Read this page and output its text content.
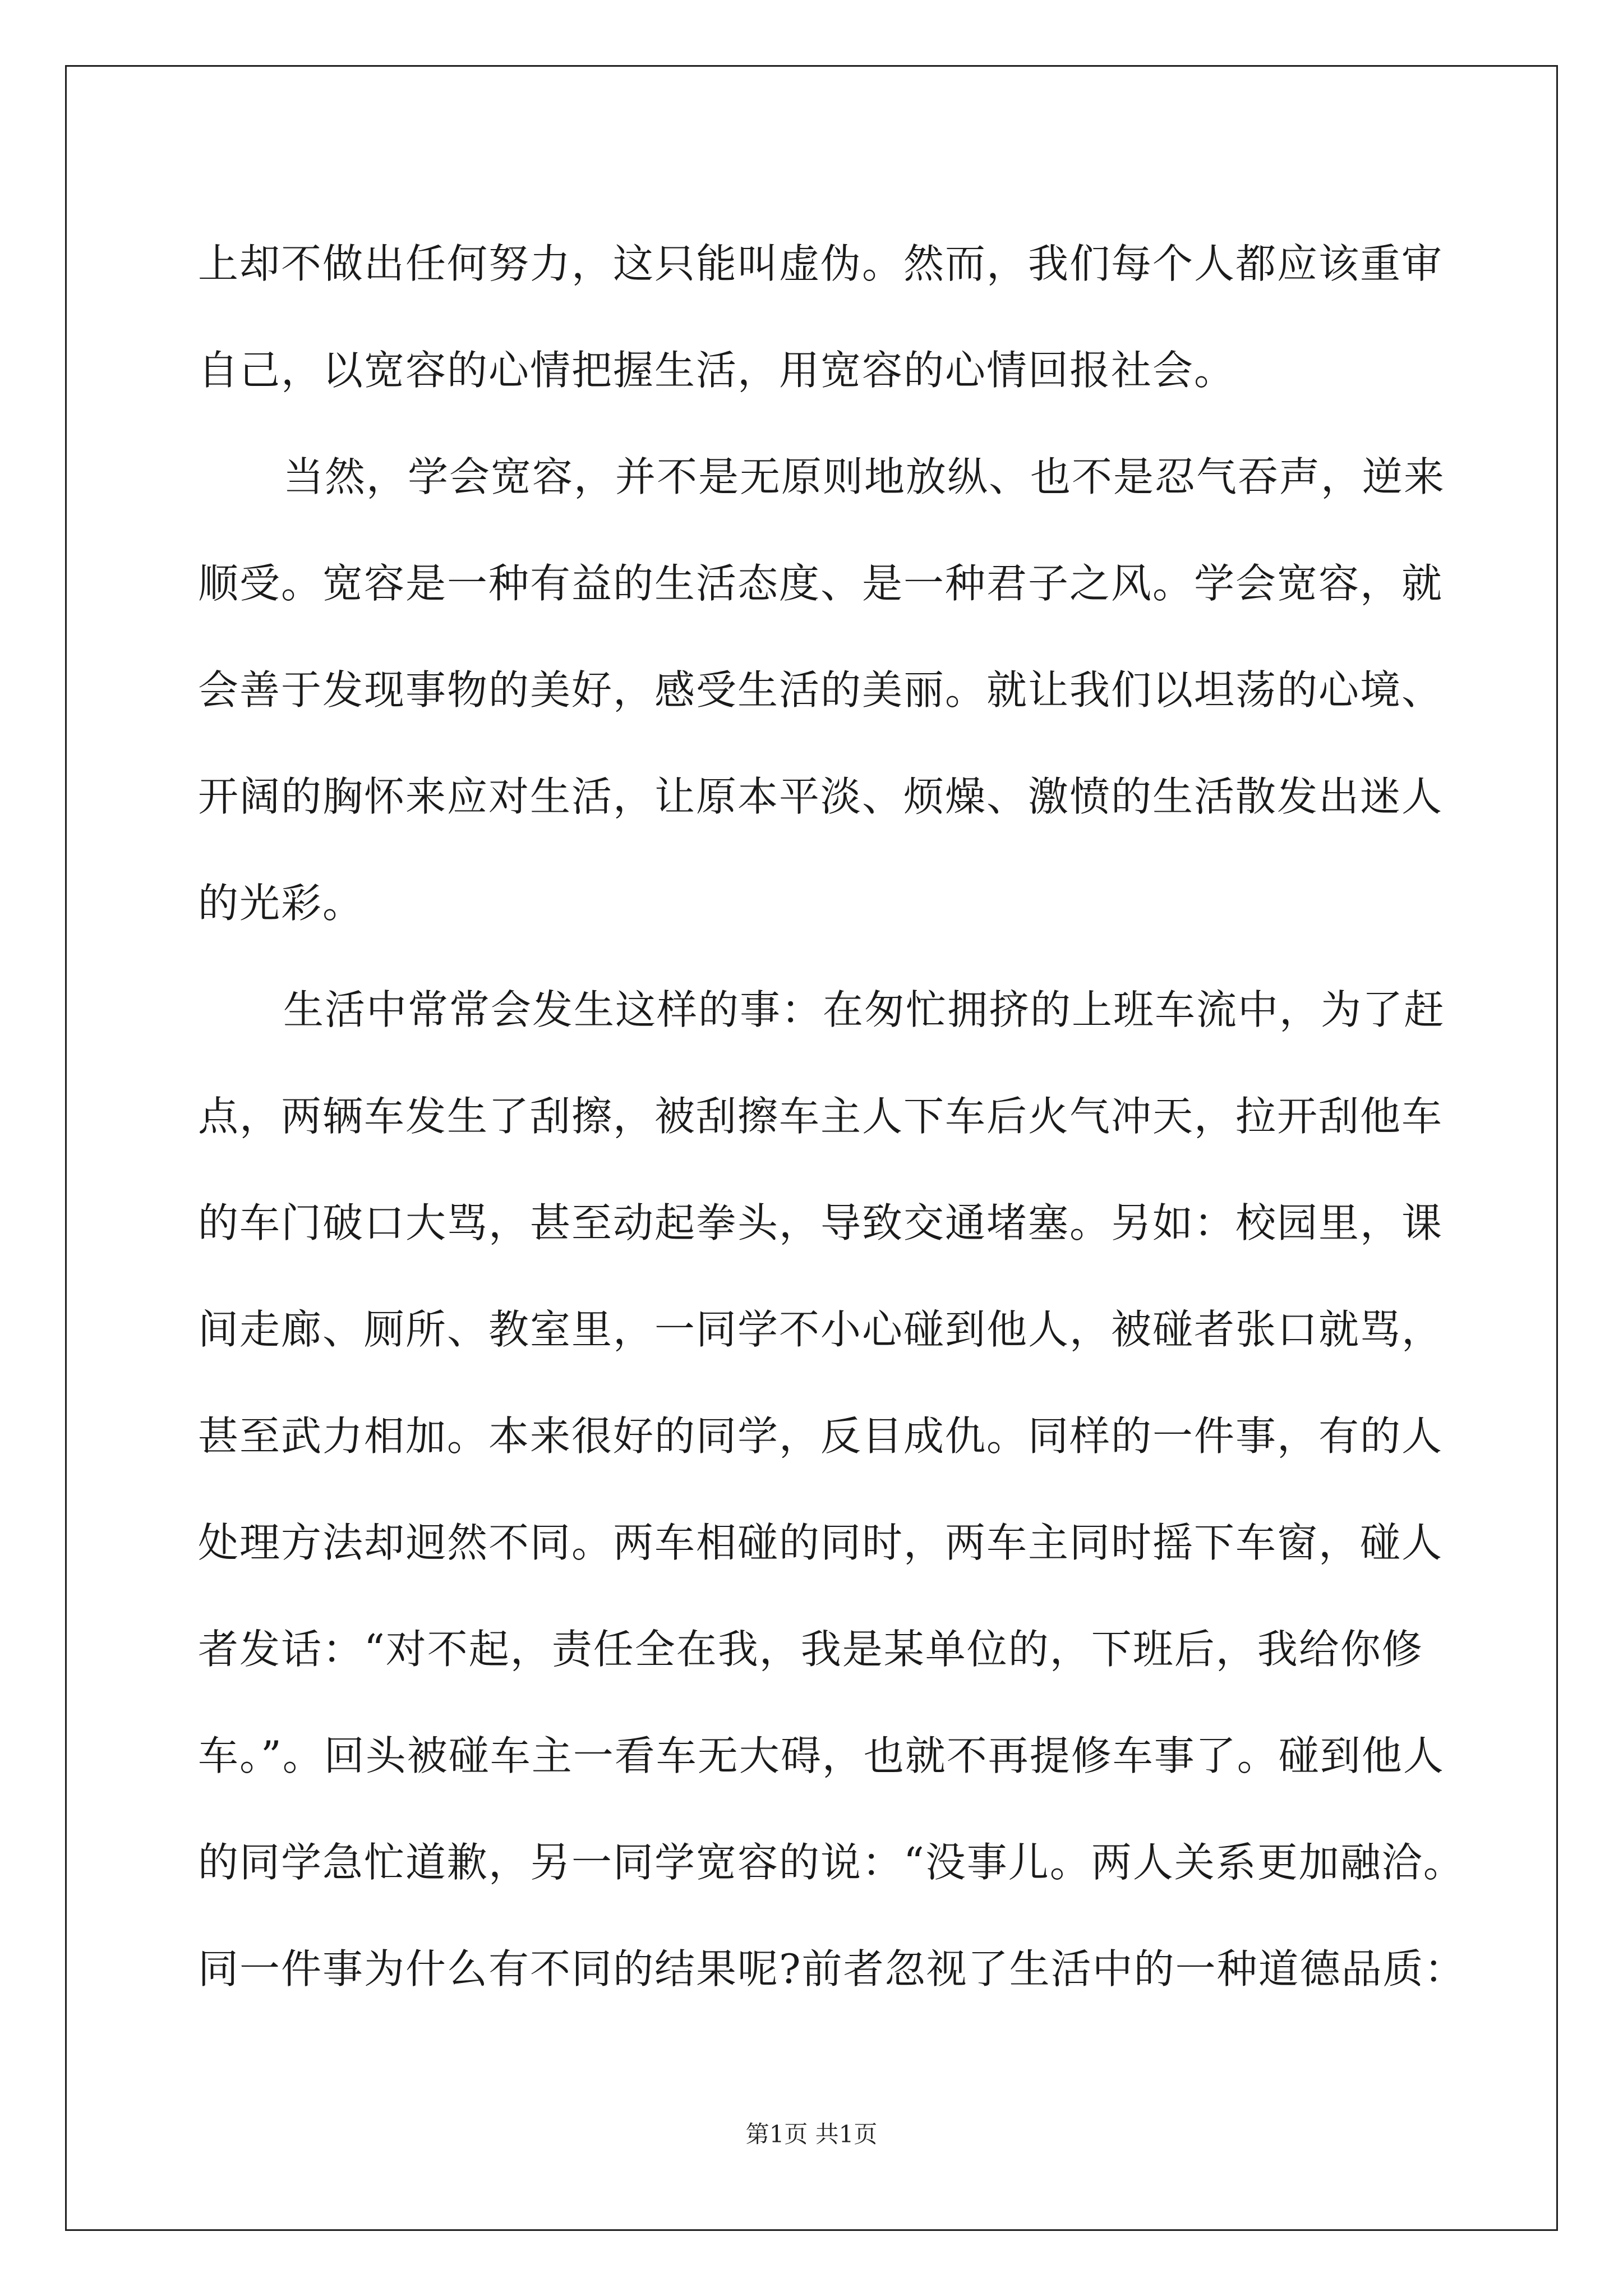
上却不做出任何努力，这只能叫虚伪。然而，我们每个人都应该重审
自己，以宽容的心情把握生活，用宽容的心情回报社会。
当然，学会宽容，并不是无原则地放纵、也不是忍气吞声，逆来
顺受。宽容是一种有益的生活态度、是一种君子之风。学会宽容，就
会善于发现事物的美好，感受生活的美丽。就让我们以坦荡的心境、
开阔的胸怀来应对生活，让原本平淡、烦燥、激愤的生活散发出迷人
的光彩。
生活中常常会发生这样的事：在匆忙拥挤的上班车流中，为了赶
点，两辆车发生了刮擦，被刮擦车主人下车后火气冲天，拉开刮他车
的车门破口大骂，甚至动起拳头，导致交通堵塞。另如：校园里，课
间走廊、厕所、教室里，一同学不小心碰到他人，被碰者张口就骂，
甚至武力相加。本来很好的同学，反目成仇。同样的一件事，有的人
处理方法却迥然不同。两车相碰的同时，两车主同时摇下车窗，碰人
者发话：“对不起，责任全在我，我是某单位的，下班后，我给你修
车。”。回头被碰车主一看车无大碍，也就不再提修车事了。碰到他人
的同学急忙道歉，另一同学宽容的说：“没事儿。两人关系更加融洽。
同一件事为什么有不同的结果呢?前者忽视了生活中的一种道德品质：
第1页 共1页
